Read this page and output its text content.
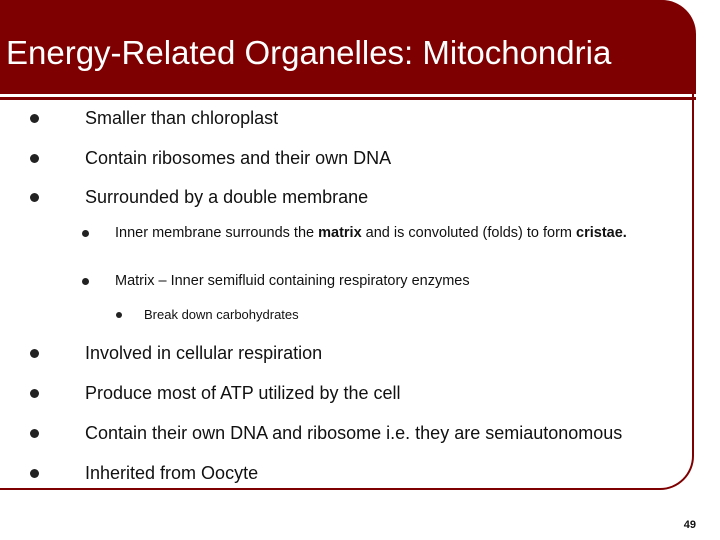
Energy-Related Organelles: Mitochondria
Smaller than chloroplast
Contain ribosomes and their own DNA
Surrounded by a double membrane
Inner membrane surrounds the matrix and is convoluted (folds) to form cristae.
Matrix – Inner semifluid containing respiratory enzymes
Break down carbohydrates
Involved in cellular respiration
Produce most of ATP utilized by the cell
Contain their own DNA and ribosome i.e. they are semiautonomous
Inherited from Oocyte
49
